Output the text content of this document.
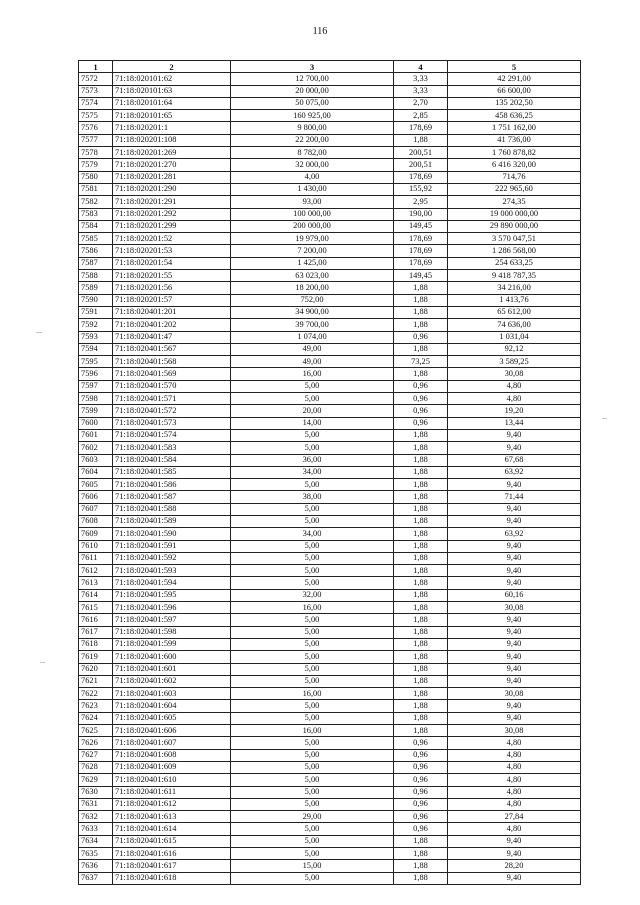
116
1	2	3	4	5
7572	71:18:020101:62	12 700,00	3,33	42 291,00
7573	71:18:020101:63	20 000,00	3,33	66 600,00
7574	71:18:020101:64	50 075,00	2,70	135 202,50
7575	71:18:020101:65	160 925,00	2,85	458 636,25
7576	71:18:020201:1	9 800,00	178,69	1 751 162,00
7577	71:18:020201:108	22 200,00	1,88	41 736,00
7578	71:18:020201:269	8 782,00	200,51	1 760 878,82
7579	71:18:020201:270	32 000,00	200,51	6 416 320,00
7580	71:18:020201:281	4,00	178,69	714,76
7581	71:18:020201:290	1 430,00	155,92	222 965,60
7582	71:18:020201:291	93,00	2,95	274,35
7583	71:18:020201:292	100 000,00	190,00	19 000 000,00
7584	71:18:020201:299	200 000,00	149,45	29 890 000,00
7585	71:18:020201:52	19 979,00	178,69	3 570 047,51
7586	71:18:020201:53	7 200,00	178,69	1 286 568,00
7587	71:18:020201:54	1 425,00	178,69	254 633,25
7588	71:18:020201:55	63 023,00	149,45	9 418 787,35
7589	71:18:020201:56	18 200,00	1,88	34 216,00
7590	71:18:020201:57	752,00	1,88	1 413,76
7591	71:18:020401:201	34 900,00	1,88	65 612,00
7592	71:18:020401:202	39 700,00	1,88	74 636,00
7593	71:18:020401:47	1 074,00	0,96	1 031,04
7594	71:18:020401:567	49,00	1,88	92,12
7595	71:18:020401:568	49,00	73,25	3 589,25
7596	71:18:020401:569	16,00	1,88	30,08
7597	71:18:020401:570	5,00	0,96	4,80
7598	71:18:020401:571	5,00	0,96	4,80
7599	71:18:020401:572	20,00	0,96	19,20
7600	71:18:020401:573	14,00	0,96	13,44
7601	71:18:020401:574	5,00	1,88	9,40
7602	71:18:020401:583	5,00	1,88	9,40
7603	71:18:020401:584	36,00	1,88	67,68
7604	71:18:020401:585	34,00	1,88	63,92
7605	71:18:020401:586	5,00	1,88	9,40
7606	71:18:020401:587	38,00	1,88	71,44
7607	71:18:020401:588	5,00	1,88	9,40
7608	71:18:020401:589	5,00	1,88	9,40
7609	71:18:020401:590	34,00	1,88	63,92
7610	71:18:020401:591	5,00	1,88	9,40
7611	71:18:020401:592	5,00	1,88	9,40
7612	71:18:020401:593	5,00	1,88	9,40
7613	71:18:020401:594	5,00	1,88	9,40
7614	71:18:020401:595	32,00	1,88	60,16
7615	71:18:020401:596	16,00	1,88	30,08
7616	71:18:020401:597	5,00	1,88	9,40
7617	71:18:020401:598	5,00	1,88	9,40
7618	71:18:020401:599	5,00	1,88	9,40
7619	71:18:020401:600	5,00	1,88	9,40
7620	71:18:020401:601	5,00	1,88	9,40
7621	71:18:020401:602	5,00	1,88	9,40
7622	71:18:020401:603	16,00	1,88	30,08
7623	71:18:020401:604	5,00	1,88	9,40
7624	71:18:020401:605	5,00	1,88	9,40
7625	71:18:020401:606	16,00	1,88	30,08
7626	71:18:020401:607	5,00	0,96	4,80
7627	71:18:020401:608	5,00	0,96	4,80
7628	71:18:020401:609	5,00	0,96	4,80
7629	71:18:020401:610	5,00	0,96	4,80
7630	71:18:020401:611	5,00	0,96	4,80
7631	71:18:020401:612	5,00	0,96	4,80
7632	71:18:020401:613	29,00	0,96	27,84
7633	71:18:020401:614	5,00	0,96	4,80
7634	71:18:020401:615	5,00	1,88	9,40
7635	71:18:020401:616	5,00	1,88	9,40
7636	71:18:020401:617	15,00	1,88	28,20
7637	71:18:020401:618	5,00	1,88	9,40
